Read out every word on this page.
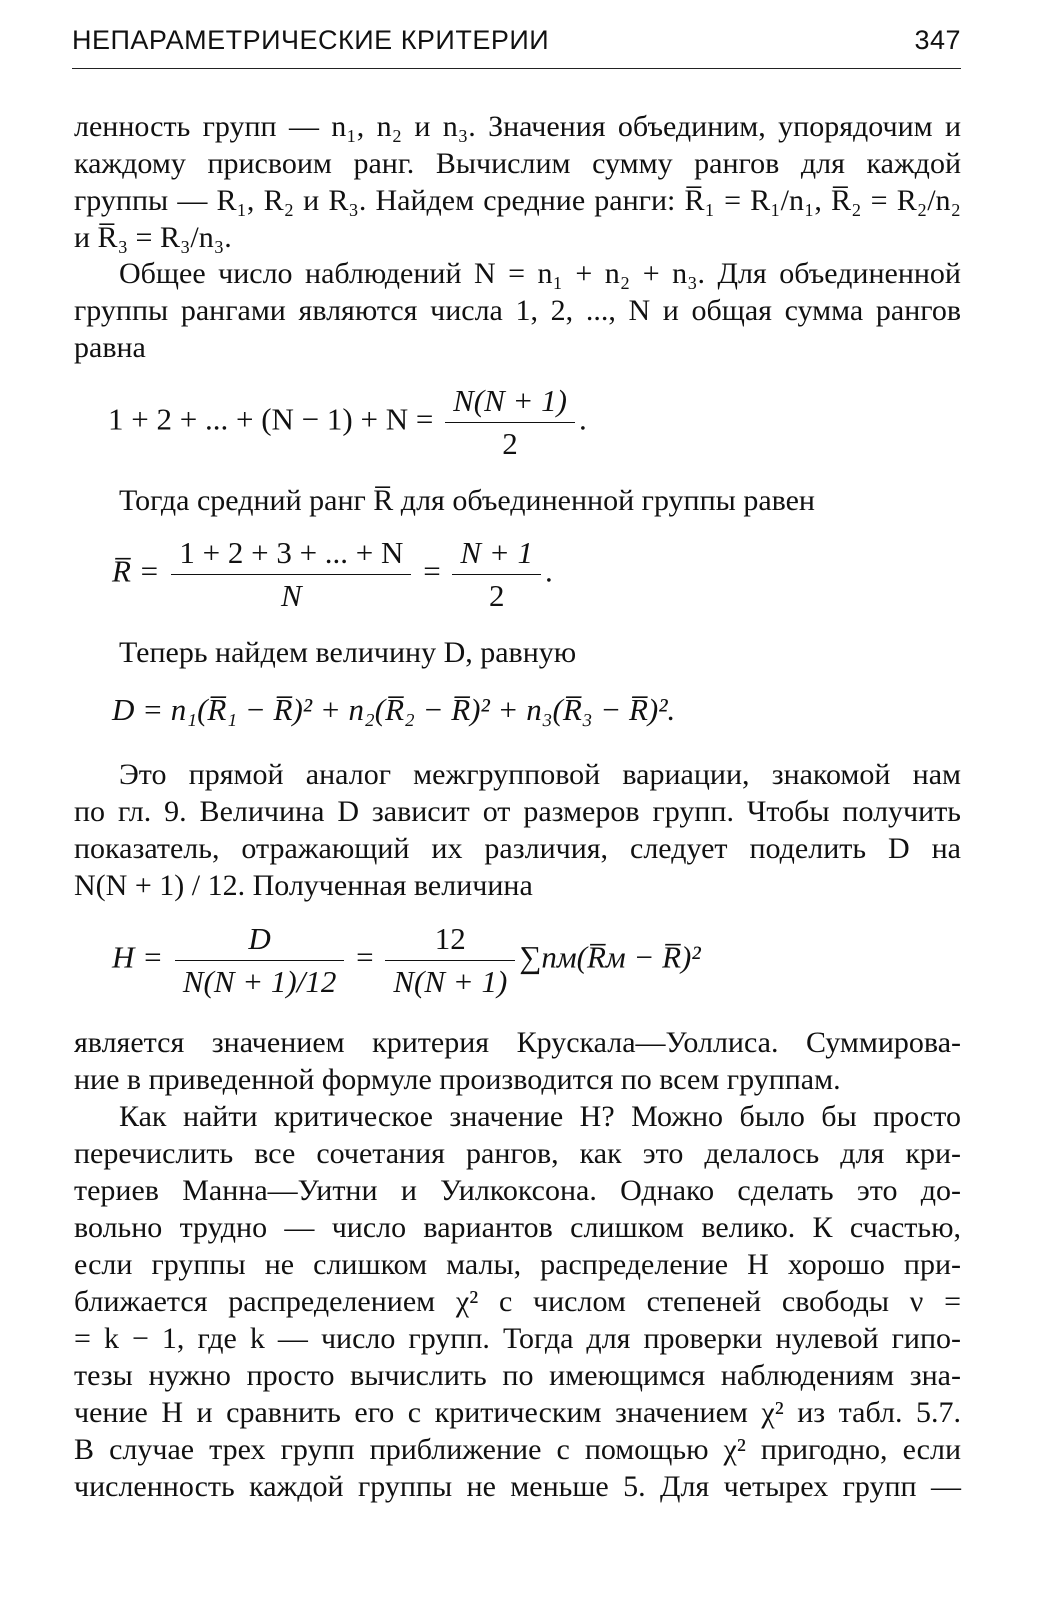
НЕПАРАМЕТРИЧЕСКИЕ КРИТЕРИИ	347

ленность групп — n₁, n₂ и n₃. Значения объединим, упорядочим и
каждому присвоим ранг. Вычислим сумму рангов для каждой
группы — R₁, R₂ и R₃. Найдем средние ранги: R̅₁ = R₁/n₁, R̅₂ = R₂/n₂
и R̅₃ = R₃/n₃.

Общее число наблюдений N = n₁ + n₂ + n₃. Для объединенной
группы рангами являются числа 1, 2, ..., N и общая сумма рангов
равна

1 + 2 + ... + $(N - 1) + N = \frac{N(N + 1)}{2}$ .

Тогда средний ранг R̅ для объединенной группы равен

R̅ = $\frac{1 + 2 + 3 + ... + N}{N} = \frac{N + 1}{2}$ .

Теперь найдем величину D, равную

D = n₁(R̅₁ − R̅)² + n₂(R̅₂ − R̅)² + n₃(R̅₃ − R̅)².

Это прямой аналог межгрупповой вариации, знакомой нам
по гл. 9. Величина D зависит от размеров групп. Чтобы получить
показатель, отражающий их различия, следует поделить D на
N(N + 1) / 12. Полученная величина

$H = \frac{D}{N(N + 1)/12} = \frac{12}{N(N + 1)}$ ∑nм(R̅м − R̅)²

является значением критерия Крускала—Уоллиса. Суммирова-
ние в приведенной формуле производится по всем группам.

Как найти критическое значение H? Можно было бы просто
перечислить все сочетания рангов, как это делалось для кри-
териев Манна—Уитни и Уилкоксона. Однако сделать это до-
вольно трудно — число вариантов слишком велико. К счастью,
если группы не слишком малы, распределение H хорошо при-
ближается распределением χ² с числом степеней свободы ν =
= k − 1, где k — число групп. Тогда для проверки нулевой гипо-
тезы нужно просто вычислить по имеющимся наблюдениям зна-
чение H и сравнить его с критическим значением χ² из табл. 5.7.
В случае трех групп приближение с помощью χ² пригодно, если
численность каждой группы не меньше 5. Для четырех групп —
